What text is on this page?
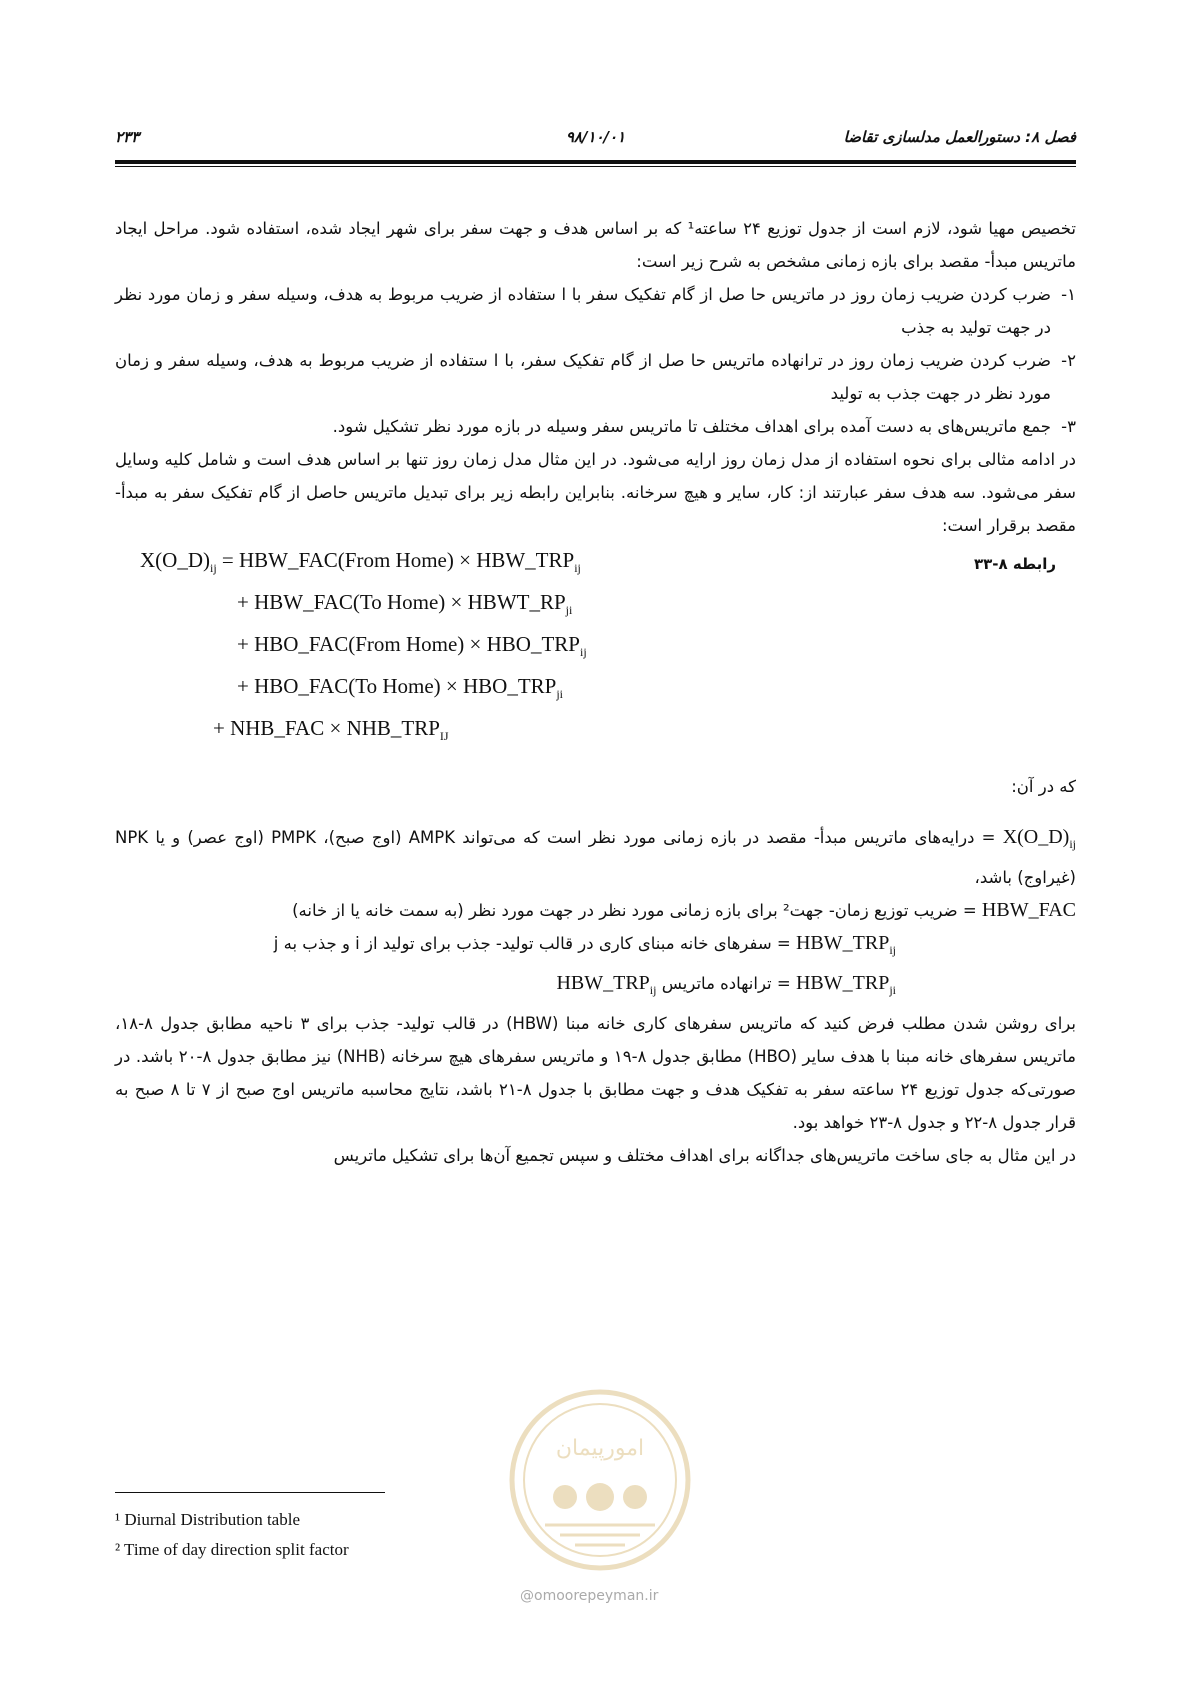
فصل ۸: دستورالعمل مدلسازی تقاضا
۹۸/۱۰/۰۱
۲۳۳

تخصیص مهیا شود، لازم است از جدول توزیع ۲۴ ساعته¹ که بر اساس هدف و جهت سفر برای شهر ایجاد شده، استفاده شود. مراحل ایجاد ماتریس مبدأ- مقصد برای بازه زمانی مشخص به شرح زیر است:

۱-
ضرب کردن ضریب زمان روز در ماتریس حا صل از گام تفکیک سفر با ا ستفاده از ضریب مربوط به هدف، وسیله سفر و زمان مورد نظر در جهت تولید به جذب
۲-
ضرب کردن ضریب زمان روز در ترانهاده ماتریس حا صل از گام تفکیک سفر، با ا ستفاده از ضریب مربوط به هدف، وسیله سفر و زمان مورد نظر در جهت جذب به تولید
۳-
جمع ماتریس‌های به دست آمده برای اهداف مختلف تا ماتریس سفر وسیله در بازه مورد نظر تشکیل شود.

در ادامه مثالی برای نحوه استفاده از مدل زمان روز ارایه می‌شود. در این مثال مدل زمان روز تنها بر اساس هدف است و شامل کلیه وسایل سفر می‌شود. سه هدف سفر عبارتند از: کار، سایر و هیچ سرخانه. بنابراین رابطه زیر برای تبدیل ماتریس حاصل از گام تفکیک سفر به مبدأ- مقصد برقرار است:

رابطه ۸-۳۳
$X(O\_D)_{ij}$ = HBW_FAC(From Home) × $HBW\_TRP_{ij}$
+ HBW_FAC(To Home) × $HBWT\_RP_{ji}$
+ HBO_FAC(From Home) × $HBO\_TRP_{ij}$
+ HBO_FAC(To Home) × $HBO\_TRP_{ji}$
+ NHB_FAC × $NHB\_TRP_{IJ}$

که در آن:

$X(O\_D)_{ij}$ = درایه‌های ماتریس مبدأ- مقصد در بازه زمانی مورد نظر است که می‌تواند AMPK (اوج صبح)، PMPK (اوج عصر) و یا NPK (غیراوج) باشد،

HBW_FAC = ضریب توزیع زمان- جهت² برای بازه زمانی مورد نظر در جهت مورد نظر (به سمت خانه یا از خانه)

$HBW\_TRP_{ij}$ = سفرهای خانه مبنای کاری در قالب تولید- جذب برای تولید از i و جذب به j

$HBW\_TRP_{ji}$ = ترانهاده ماتریس $HBW\_TRP_{ij}$

برای روشن شدن مطلب فرض کنید که ماتریس سفرهای کاری خانه مبنا (HBW) در قالب تولید- جذب برای ۳ ناحیه مطابق جدول ۸-۱۸، ماتریس سفرهای خانه مبنا با هدف سایر (HBO) مطابق جدول ۸-۱۹ و ماتریس سفرهای هیچ سرخانه (NHB) نیز مطابق جدول ۸-۲۰ باشد. در صورتی‌که جدول توزیع ۲۴ ساعته سفر به تفکیک هدف و جهت مطابق با جدول ۸-۲۱ باشد، نتایج محاسبه ماتریس اوج صبح از ۷ تا ۸ صبح به قرار جدول ۸-۲۲ و جدول ۸-۲۳ خواهد بود.

در این مثال به جای ساخت ماتریس‌های جداگانه برای اهداف مختلف و سپس تجمیع آن‌ها برای تشکیل ماتریس

امورپیمان
@omoorepeyman.ir
¹ Diurnal Distribution table
² Time of day direction split factor
